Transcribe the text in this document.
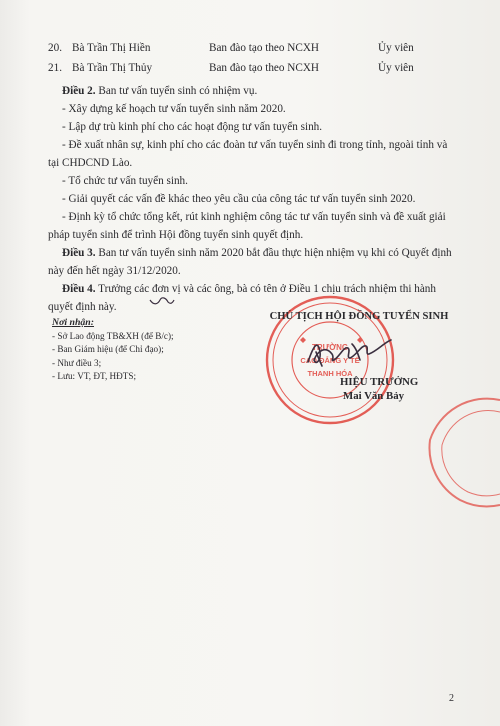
20. Bà Trần Thị Hiền	Ban đào tạo theo NCXH	Ủy viên
21. Bà Trần Thị Thủy	Ban đào tạo theo NCXH	Ủy viên

Điều 2. Ban tư vấn tuyển sinh có nhiệm vụ.

- Xây dựng kế hoạch tư vấn tuyển sinh năm 2020.

- Lập dự trù kinh phí cho các hoạt động tư vấn tuyển sinh.

- Đề xuất nhân sự, kinh phí cho các đoàn tư vấn tuyển sinh đi trong tỉnh, ngoài tỉnh và tại CHDCND Lào.

- Tổ chức tư vấn tuyển sinh.

- Giải quyết các vấn đề khác theo yêu cầu của công tác tư vấn tuyển sinh 2020.

- Định kỳ tổ chức tổng kết, rút kinh nghiệm công tác tư vấn tuyển sinh và đề xuất giải pháp tuyển sinh để trình Hội đồng tuyển sinh quyết định.

Điều 3. Ban tư vấn tuyển sinh năm 2020 bắt đầu thực hiện nhiệm vụ khi có Quyết định này đến hết ngày 31/12/2020.

Điều 4. Trưởng các đơn vị và các ông, bà có tên ở Điều 1 chịu trách nhiệm thi hành quyết định này.

Nơi nhận:
- Sở Lao động TB&XH (để B/c);
- Ban Giám hiệu (để Chỉ đạo);
- Như điều 3;
- Lưu: VT, ĐT, HĐTS;
TRƯỜNG
CAO ĐẲNG Y TẾ
THANH HÓA
CHỦ TỊCH HỘI ĐỒNG TUYỂN SINH
HIỆU TRƯỞNG
Mai Văn Bảy
2
